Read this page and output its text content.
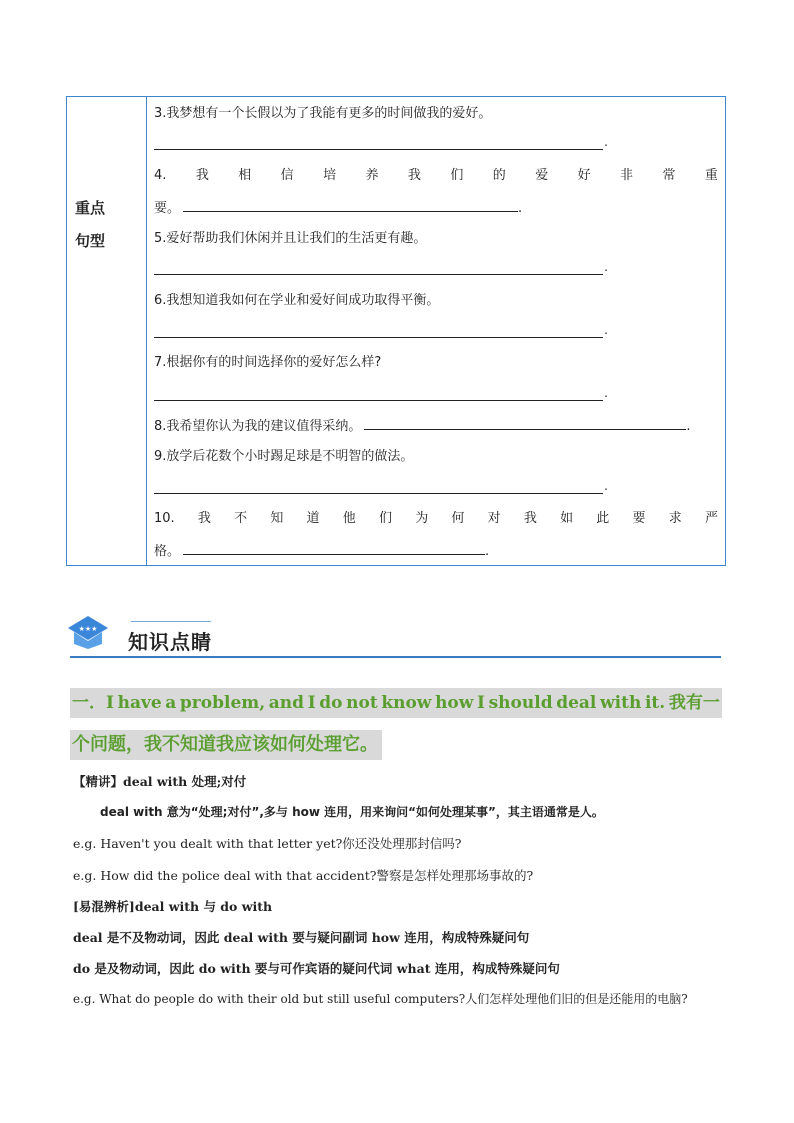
重点
句型
3.我梦想有一个长假以为了我能有更多的时间做我的爱好。
.
4. 我 相 信 培 养 我 们 的 爱 好 非 常 重
要。	.
5.爱好帮助我们休闲并且让我们的生活更有趣。
.
6.我想知道我如何在学业和爱好间成功取得平衡。
.
7.根据你有的时间选择你的爱好怎么样?
.
8.我希望你认为我的建议值得采纳。	.
9.放学后花数个小时踢足球是不明智的做法。
.
10. 我 不 知 道 他 们 为 何 对 我 如 此 要 求 严
格。	.
★★★
知识点睛
一．I have a problem, and I do not know how I should deal with it. 我有一
个问题，我不知道我应该如何处理它。
【精讲】deal with 处理;对付
deal with 意为“处理;对付”,多与 how 连用，用来询问“如何处理某事”，其主语通常是人。
e.g. Haven't you dealt with that letter yet?你还没处理那封信吗?
e.g. How did the police deal with that accident?警察是怎样处理那场事故的?
[易混辨析]deal with 与 do with
deal 是不及物动词，因此 deal with 要与疑问副词 how 连用，构成特殊疑问句
do 是及物动词，因此 do with 要与可作宾语的疑问代词 what 连用，构成特殊疑问句
e.g. What do people do with their old but still useful computers?人们怎样处理他们旧的但是还能用的电脑?
